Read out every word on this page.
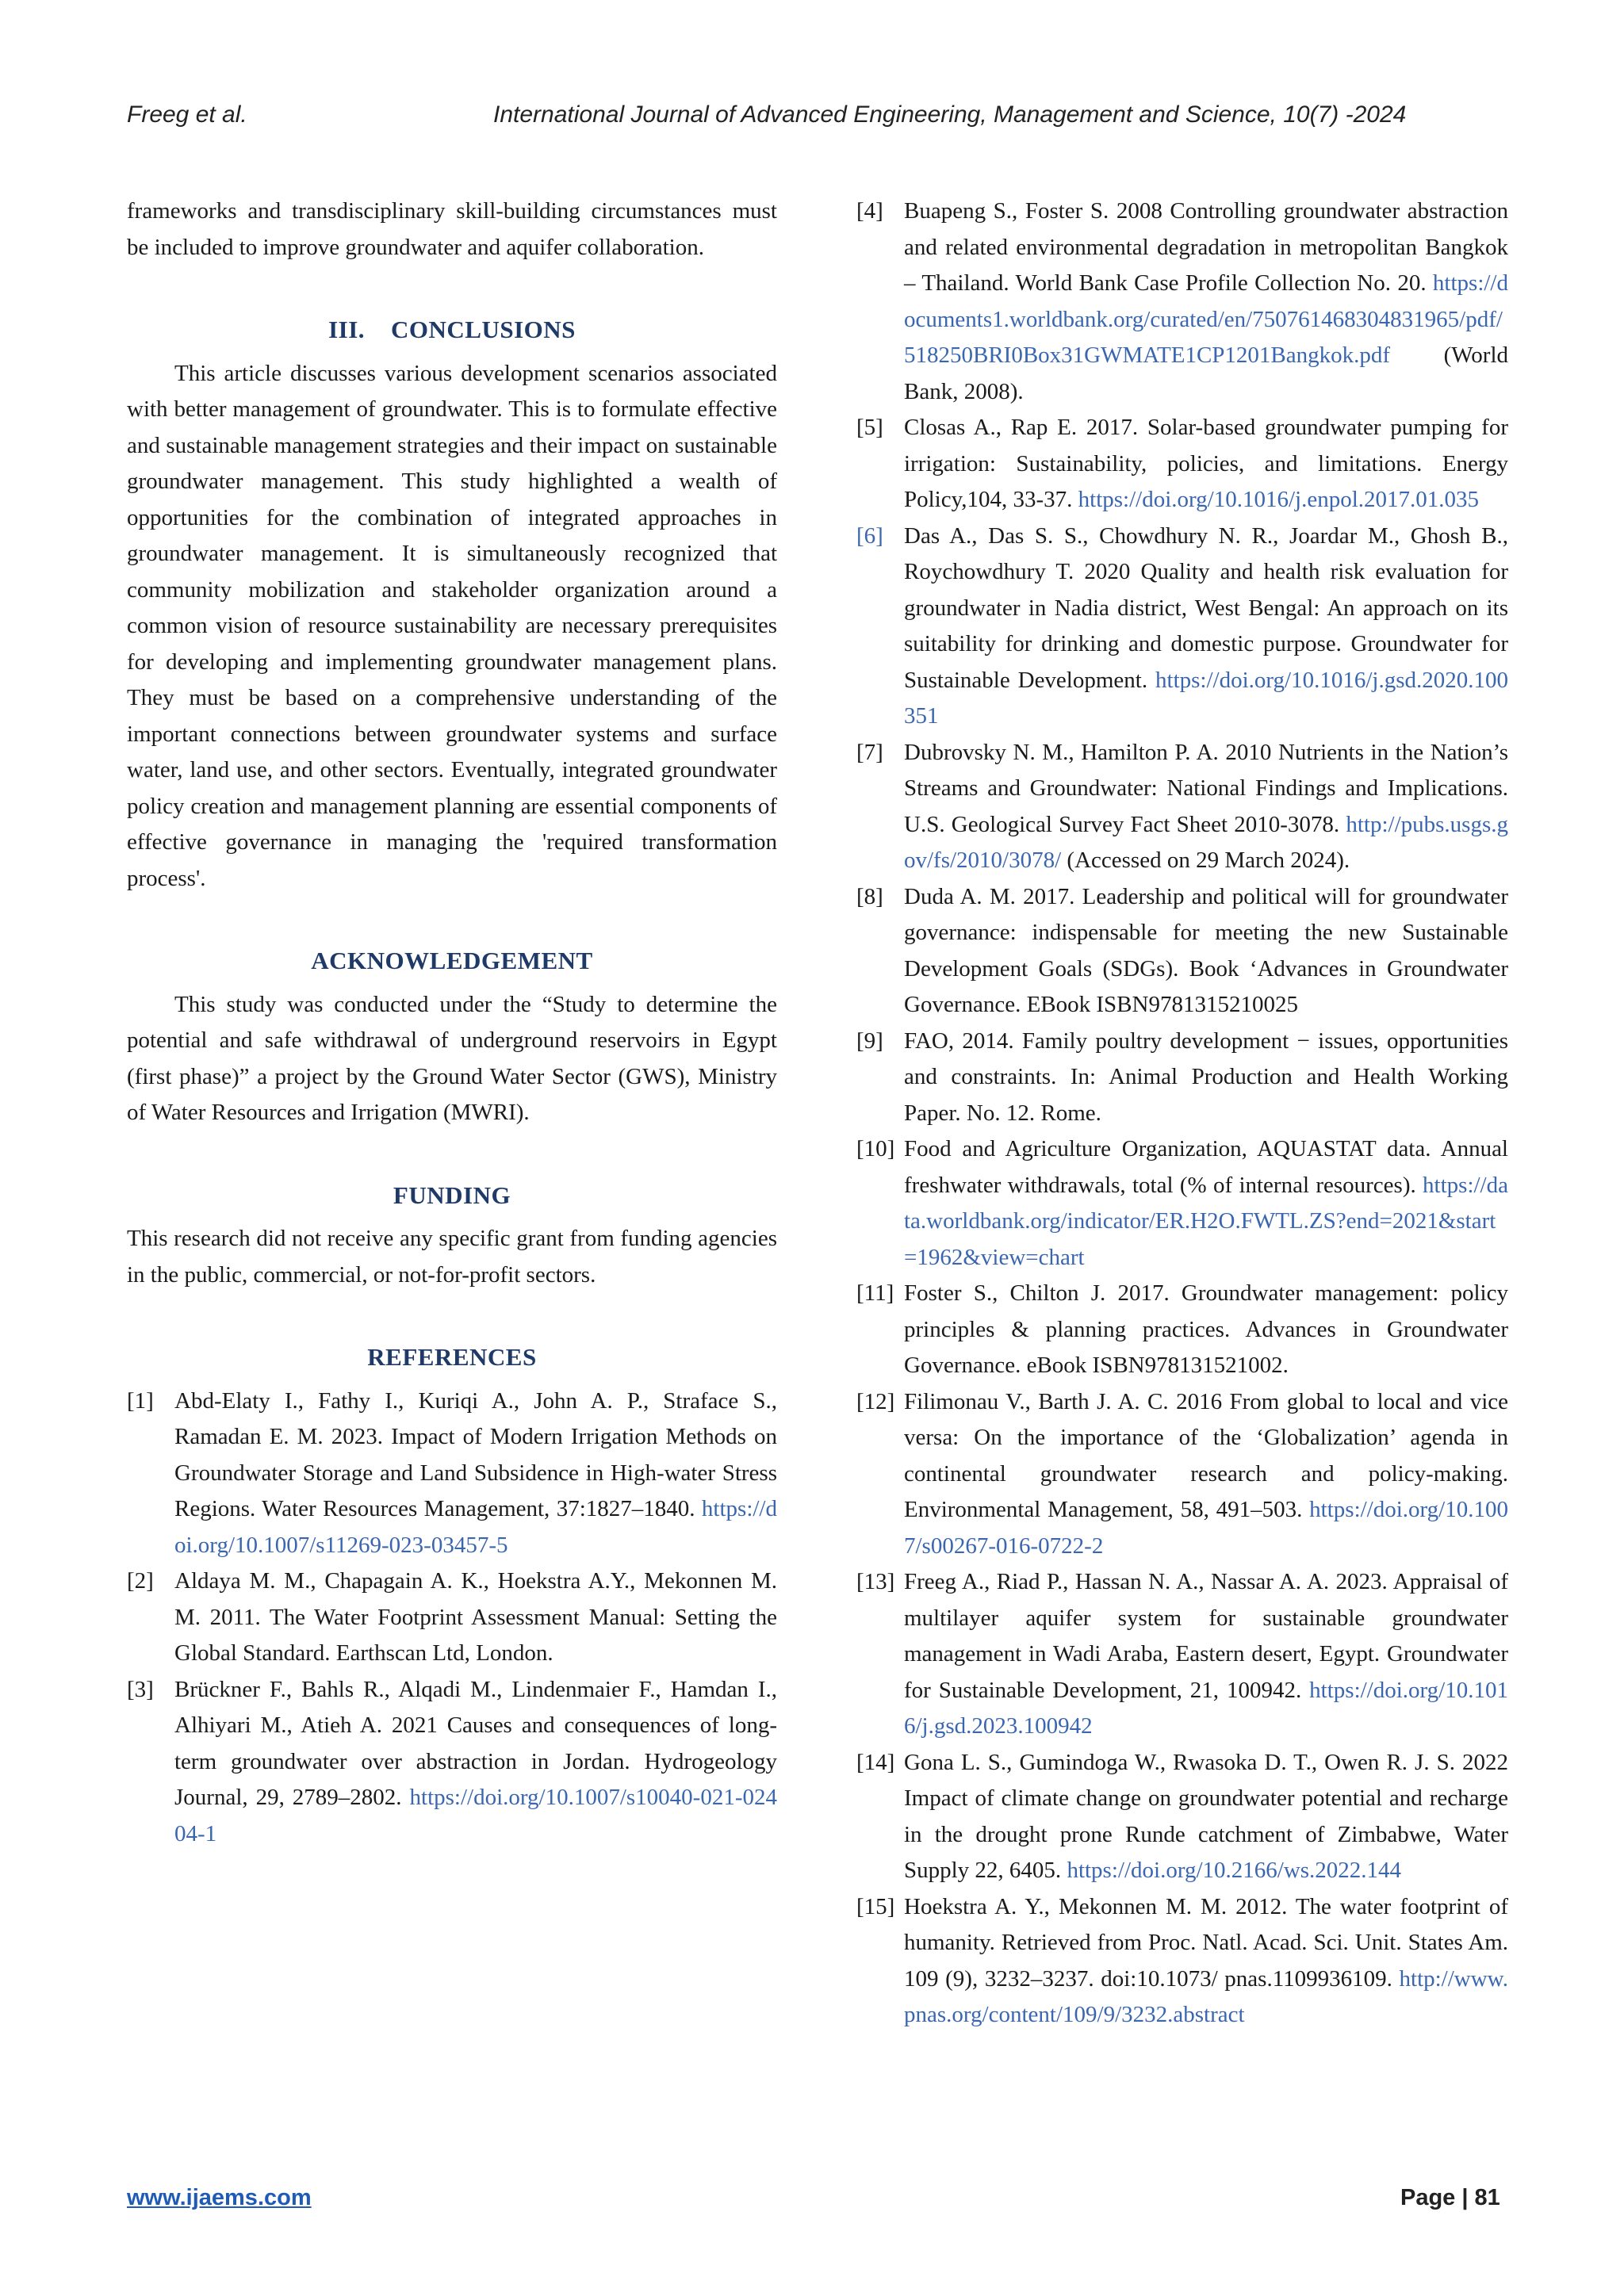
Freeg et al.	International Journal of Advanced Engineering, Management and Science, 10(7) -2024

frameworks and transdisciplinary skill-building circumstances must be included to improve groundwater and aquifer collaboration.

III.    CONCLUSIONS

This article discusses various development scenarios associated with better management of groundwater. This is to formulate effective and sustainable management strategies and their impact on sustainable groundwater management. This study highlighted a wealth of opportunities for the combination of integrated approaches in groundwater management. It is simultaneously recognized that community mobilization and stakeholder organization around a common vision of resource sustainability are necessary prerequisites for developing and implementing groundwater management plans. They must be based on a comprehensive understanding of the important connections between groundwater systems and surface water, land use, and other sectors. Eventually, integrated groundwater policy creation and management planning are essential components of effective governance in managing the 'required transformation process'.

ACKNOWLEDGEMENT

This study was conducted under the “Study to determine the potential and safe withdrawal of underground reservoirs in Egypt (first phase)” a project by the Ground Water Sector (GWS), Ministry of Water Resources and Irrigation (MWRI).

FUNDING

This research did not receive any specific grant from funding agencies in the public, commercial, or not-for-profit sectors.

REFERENCES
[1] Abd-Elaty I., Fathy I., Kuriqi A., John A. P., Straface S., Ramadan E. M. 2023. Impact of Modern Irrigation Methods on Groundwater Storage and Land Subsidence in High-water Stress Regions. Water Resources Management, 37:1827–1840. https://doi.org/10.1007/s11269-023-03457-5
[2] Aldaya M. M., Chapagain A. K., Hoekstra A.Y., Mekonnen M. M. 2011. The Water Footprint Assessment Manual: Setting the Global Standard. Earthscan Ltd, London.
[3] Brückner F., Bahls R., Alqadi M., Lindenmaier F., Hamdan I., Alhiyari M., Atieh A. 2021 Causes and consequences of long-term groundwater over abstraction in Jordan. Hydrogeology Journal, 29, 2789–2802. https://doi.org/10.1007/s10040-021-02404-1
[4] Buapeng S., Foster S. 2008 Controlling groundwater abstraction and related environmental degradation in metropolitan Bangkok – Thailand. World Bank Case Profile Collection No. 20. https://documents1.worldbank.org/curated/en/750761468304831965/pdf/518250BRI0Box31GWMATE1CP1201Bangkok.pdf (World Bank, 2008).
[5] Closas A., Rap E. 2017. Solar-based groundwater pumping for irrigation: Sustainability, policies, and limitations. Energy Policy,104, 33-37. https://doi.org/10.1016/j.enpol.2017.01.035
[6] Das A., Das S. S., Chowdhury N. R., Joardar M., Ghosh B., Roychowdhury T. 2020 Quality and health risk evaluation for groundwater in Nadia district, West Bengal: An approach on its suitability for drinking and domestic purpose. Groundwater for Sustainable Development. https://doi.org/10.1016/j.gsd.2020.100351
[7] Dubrovsky N. M., Hamilton P. A. 2010 Nutrients in the Nation’s Streams and Groundwater: National Findings and Implications. U.S. Geological Survey Fact Sheet 2010-3078. http://pubs.usgs.gov/fs/2010/3078/ (Accessed on 29 March 2024).
[8] Duda A. M. 2017. Leadership and political will for groundwater governance: indispensable for meeting the new Sustainable Development Goals (SDGs). Book ‘Advances in Groundwater Governance. EBook ISBN9781315210025
[9] FAO, 2014. Family poultry development − issues, opportunities and constraints. In: Animal Production and Health Working Paper. No. 12. Rome.
[10] Food and Agriculture Organization, AQUASTAT data. Annual freshwater withdrawals, total (% of internal resources). https://data.worldbank.org/indicator/ER.H2O.FWTL.ZS?end=2021&start=1962&view=chart
[11] Foster S., Chilton J. 2017. Groundwater management: policy principles & planning practices. Advances in Groundwater Governance. eBook ISBN978131521002.
[12] Filimonau V., Barth J. A. C. 2016 From global to local and vice versa: On the importance of the ‘Globalization’ agenda in continental groundwater research and policy-making. Environmental Management, 58, 491–503. https://doi.org/10.1007/s00267-016-0722-2
[13] Freeg A., Riad P., Hassan N. A., Nassar A. A. 2023. Appraisal of multilayer aquifer system for sustainable groundwater management in Wadi Araba, Eastern desert, Egypt. Groundwater for Sustainable Development, 21, 100942. https://doi.org/10.1016/j.gsd.2023.100942
[14] Gona L. S., Gumindoga W., Rwasoka D. T., Owen R. J. S. 2022 Impact of climate change on groundwater potential and recharge in the drought prone Runde catchment of Zimbabwe, Water Supply 22, 6405. https://doi.org/10.2166/ws.2022.144
[15] Hoekstra A. Y., Mekonnen M. M. 2012. The water footprint of humanity. Retrieved from Proc. Natl. Acad. Sci. Unit. States Am. 109 (9), 3232–3237. doi:10.1073/ pnas.1109936109. http://www.pnas.org/content/109/9/3232.abstract
www.ijaems.com	Page | 81
